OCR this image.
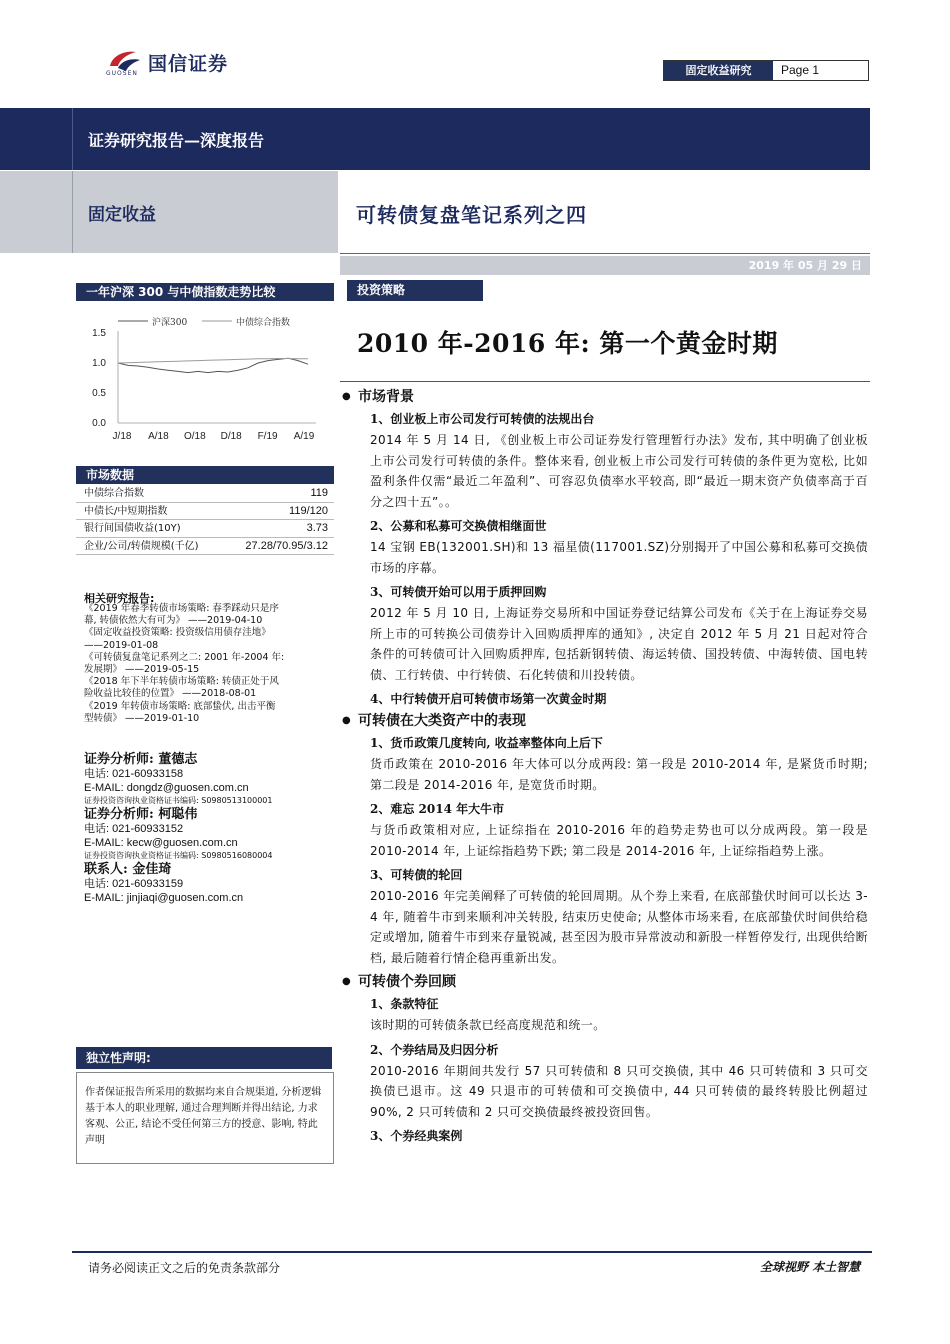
国信证券
GUOSEN	固定收益研究	Page 1
证券研究报告—深度报告
固定收益	可转债复盘笔记系列之四
2019 年 05 月 29 日
一年沪深 300 与中债指数走势比较
沪深300	中债综合指数
1.5
1.0
0.5
0.0
J/18 A/18 O/18 D/18 F/19 A/19
市场数据
中债综合指数	119
中债长/中短期指数	119/120
银行间国债收益(10Y)	3.73
企业/公司/转债规模(千亿)	27.28/70.95/3.12
相关研究报告:
《2019 年春季转债市场策略: 春季踩动只是序
幕, 转债依然大有可为》 ——2019-04-10
《固定收益投资策略: 投资级信用债存洼地》
——2019-01-08
《可转债复盘笔记系列之二: 2001 年-2004 年:
发展期》 ——2019-05-15
《2018 年下半年转债市场策略: 转债正处于风
险收益比较佳的位置》 ——2018-08-01
《2019 年转债市场策略: 底部蛰伏, 出击平衡
型转债》 ——2019-01-10
证券分析师: 董德志
电话: 021-60933158
E-MAIL: dongdz@guosen.com.cn
证券投资咨询执业资格证书编码: S0980513100001
证券分析师: 柯聪伟
电话: 021-60933152
E-MAIL: kecw@guosen.com.cn
证券投资咨询执业资格证书编码: S0980516080004
联系人: 金佳琦
电话: 021-60933159
E-MAIL: jinjiaqi@guosen.com.cn
独立性声明:
作者保证报告所采用的数据均来自合规渠道, 分析逻辑基于本人的职业理解, 通过合理判断并得出结论, 力求客观、公正, 结论不受任何第三方的授意、影响, 特此声明
投资策略
2010 年-2016 年: 第一个黄金时期
● 市场背景
1、创业板上市公司发行可转债的法规出台
2014 年 5 月 14 日, 《创业板上市公司证券发行管理暂行办法》发布, 其中明确了创业板上市公司发行可转债的条件。整体来看, 创业板上市公司发行可转债的条件更为宽松, 比如盈利条件仅需“最近二年盈利”、可容忍负债率水平较高, 即“最近一期末资产负债率高于百分之四十五”。。
2、公募和私募可交换债相继面世
14 宝钢 EB(132001.SH)和 13 福星债(117001.SZ)分别揭开了中国公募和私募可交换债市场的序幕。
3、可转债开始可以用于质押回购
2012 年 5 月 10 日, 上海证券交易所和中国证券登记结算公司发布《关于在上海证券交易所上市的可转换公司债券计入回购质押库的通知》, 决定自 2012 年 5 月 21 日起对符合条件的可转债可计入回购质押库, 包括新钢转债、海运转债、国投转债、中海转债、国电转债、工行转债、中行转债、石化转债和川投转债。
4、中行转债开启可转债市场第一次黄金时期
● 可转债在大类资产中的表现
1、货币政策几度转向, 收益率整体向上后下
货币政策在 2010-2016 年大体可以分成两段: 第一段是 2010-2014 年, 是紧货币时期; 第二段是 2014-2016 年, 是宽货币时期。
2、难忘 2014 年大牛市
与货币政策相对应, 上证综指在 2010-2016 年的趋势走势也可以分成两段。第一段是 2010-2014 年, 上证综指趋势下跌; 第二段是 2014-2016 年, 上证综指趋势上涨。
3、可转债的轮回
2010-2016 年完美阐释了可转债的轮回周期。从个券上来看, 在底部蛰伏时间可以长达 3-4 年, 随着牛市到来顺利冲关转股, 结束历史使命; 从整体市场来看, 在底部蛰伏时间供给稳定或增加, 随着牛市到来存量锐减, 甚至因为股市异常波动和新股一样暂停发行, 出现供给断档, 最后随着行情企稳再重新出发。
● 可转债个券回顾
1、条款特征
该时期的可转债条款已经高度规范和统一。
2、个券结局及归因分析
2010-2016 年期间共发行 57 只可转债和 8 只可交换债, 其中 46 只可转债和 3 只可交换债已退市。这 49 只退市的可转债和可交换债中, 44 只可转债的最终转股比例超过 90%, 2 只可转债和 2 只可交换债最终被投资回售。
3、个券经典案例
请务必阅读正文之后的免责条款部分	全球视野 本土智慧
